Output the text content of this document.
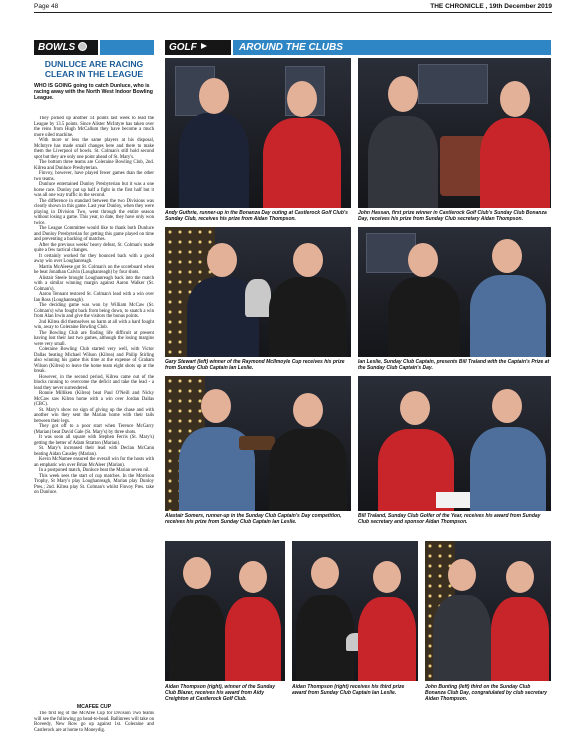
Page 48	THE CHRONICLE , 19th December 2019
BOWLS
DUNLUCE ARE RACING
CLEAR IN THE LEAGUE
WHO IS GOING going to catch Dunluce, who is racing away with the North West Indoor Bowling League.

They picked up another 14 points last week to lead the League by 13.5 points. Since Alister McIntyre has taken over the reins from Hugh McCallum they have become a much more oiled machine.

With more or less the same players at his disposal, McIntyre has made small changes here and there to make them the Liverpool of bowls. St. Colman's still hold second spot but they are only one point ahead of St. Mary's.

The bottom three teams are Coleraine Bowling Club, 2nd. Kilrea and Dunluce Presbyterian.

Finvoy, however, have played fewer games than the other two teams.

Dunluce entertained Dunloy Presbyterian but it was a one horse race. Dunloy put up half a fight in the first half but it was all one way traffic in the second.

The difference in standard between the two Divisions was clearly shown in this game. Last year Dunloy, when they were playing in Division Two, went through the entire season without losing a game. This year, to date, they have only won twice.

The League Committee would like to thank both Dunluce and Dunloy Presbyterian for getting this game played on time and preventing a backlog of matches.

After the previous weeks' heavy defeat, St. Colman's made quite a few tactical changes.

It certainly worked for they bounced back with a good away win over Loughanreagh.

Martin McAleese got St. Colman's on the scoreboard when he beat Jonathan Calvin (Loughanreagh) by four shots.

Alistair Steele brought Loughanreagh back into the match with a similar winning margin against Aaron Walker (St. Colman's).

Aaron Tennant restored St. Colman's lead with a win over Ian Ross (Loughanreagh).

The deciding game was won by William McCaw (St. Colman's) who fought back from being down, to snatch a win from Alan Irwin and give the visitors the bonus points.

2nd Kilrea did themselves no harm at all with a hard fought win, away to Coleraine Bowling Club.

The Bowling Club are finding life difficult at present having lost their last two games, although the losing margins were very small.

Coleraine Bowling Club started very well, with Victor Dallas beating Michael Wilson (Kilrea) and Philip Stirling also winning his game this time at the expense of Graham Wilson (Kilrea) to leave the home team eight shots up at the break.

However, in the second period, Kilrea came out of the blocks running to overcome the deficit and take the lead - a lead they never surrendered.

Ronnie Milliken (Kilrea) beat Paul O'Neill and Nicky McCaw saw Kilrea home with a win over Jordan Dallas (CBC).

St. Mary's show no sign of giving up the chase and with another win they sent the Marian home with their tails between their legs.

They got off to a poor start when Terence McGarry (Marian) beat David Gale (St. Mary's) by three shots.

It was soon all square with Stephen Ferris (St. Mary's) getting the better of Adam Stratton (Marian).

St. Mary's increased their lead with Declan McCann beating Aidan Causley (Marian).

Kevin McNamee ensured the overall win for the hosts with an emphatic win over Brian McAleer (Marian).

In a postponed match, Dunluce beat the Marian seven nil.

This week sees the start of cup matches. In the Morrison Trophy, St Mary's play Loughanreagh, Marian play Dunloy Pres.; 2nd. Kilrea play St. Colman's whilst Finvoy Pres. take on Dunluce.

MCAFEE CUP
The first leg of the McAfee Cup for Division Two teams will see the following go head-to-head. Ballinrees will take on Boveedy, New Row go up against 1st. Coleraine and Castlerock are at home to Moneydig.
GOLF	AROUND THE CLUBS
Andy Guthrie, runner-up in the Bonanza Day outing at Castlerock Golf Club's Sunday Club, receives his prize from Aidan Thompson.
John Hassan, first prize winner in Castlerock Golf Club's Sunday Club Bonanza Day, receives his prize from Sunday Club secretary Aidan Thompson.
Gary Stewart (left) winner of the Raymond McIlmoyle Cup receives his prize from Sunday Club Captain Ian Leslie.
Ian Leslie, Sunday Club Captain, presents Bill Traland with the Captain's Prize at the Sunday Club Captain's Day.
Alastair Somers, runner-up in the Sunday Club Captain's Day competition, receives his prize from Sunday Club Captain Ian Leslie.
Bill Traland, Sunday Club Golfer of the Year, receives his award from Sunday Club secretary and sponsor Aidan Thompson.
Aidan Thompson (right), winner of the Sunday Club Blazer, receives his award from Aidy Creighton at Castlerock Golf Club.
Aidan Thompson (right) receives his third prize award from Sunday Club Captain Ian Leslie.
John Bunting (left) third on the Sunday Club Bonanza Club Day, congratulated by club secretary Aidan Thompson.
